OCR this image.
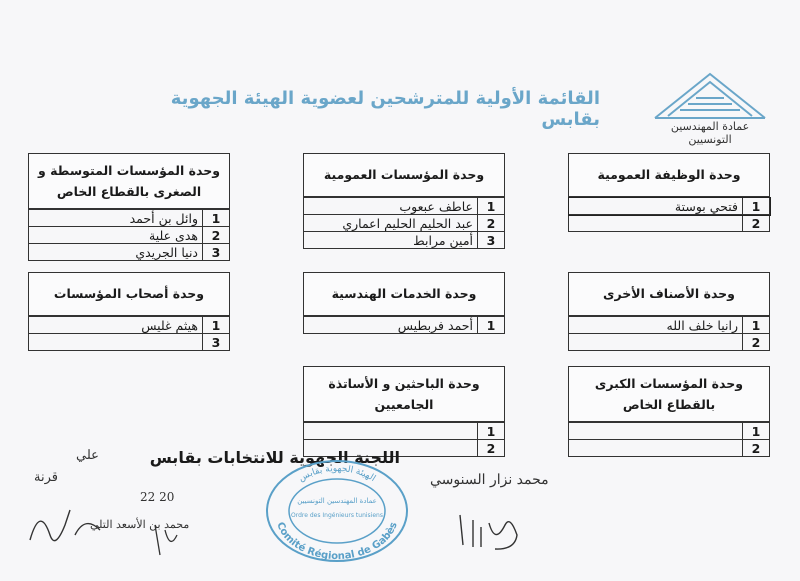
القائمة الأولية للمترشحين لعضوية الهيئة الجهوية بقابس	عمادة المهندسين التونسيين
وحدة الوظيفة العمومية
1	فتحي بوستة
2	
وحدة المؤسسات العمومية
1	عاطف عبعوب
2	عبد الحليم الحليم اعماري
3	أمين مرابط
وحدة المؤسسات المتوسطة و الصغرى بالقطاع الخاص
1	وائل بن أحمد
2	هدى علية
3	دنيا الجريدي
وحدة الأصناف الأخرى
1	رانيا خلف الله
2	
وحدة الخدمات الهندسية
1	أحمد فربطيس
وحدة أصحاب المؤسسات
1	هيثم غليس
3	
وحدة المؤسسات الكبرى بالقطاع الخاص
1	
2	
وحدة الباحثين و الأساتذة الجامعيين
1	
2	
اللجنة الجهوية للانتخابات بقابس
الهيئة الجهوية بقابس
عمادة المهندسين التونسيين
Ordre des Ingénieurs tunisiens
Comité Régional de Gabès
محمد نزار السنوسي
علي
قرنة
20 22
محمد بن الأسعد التلي
